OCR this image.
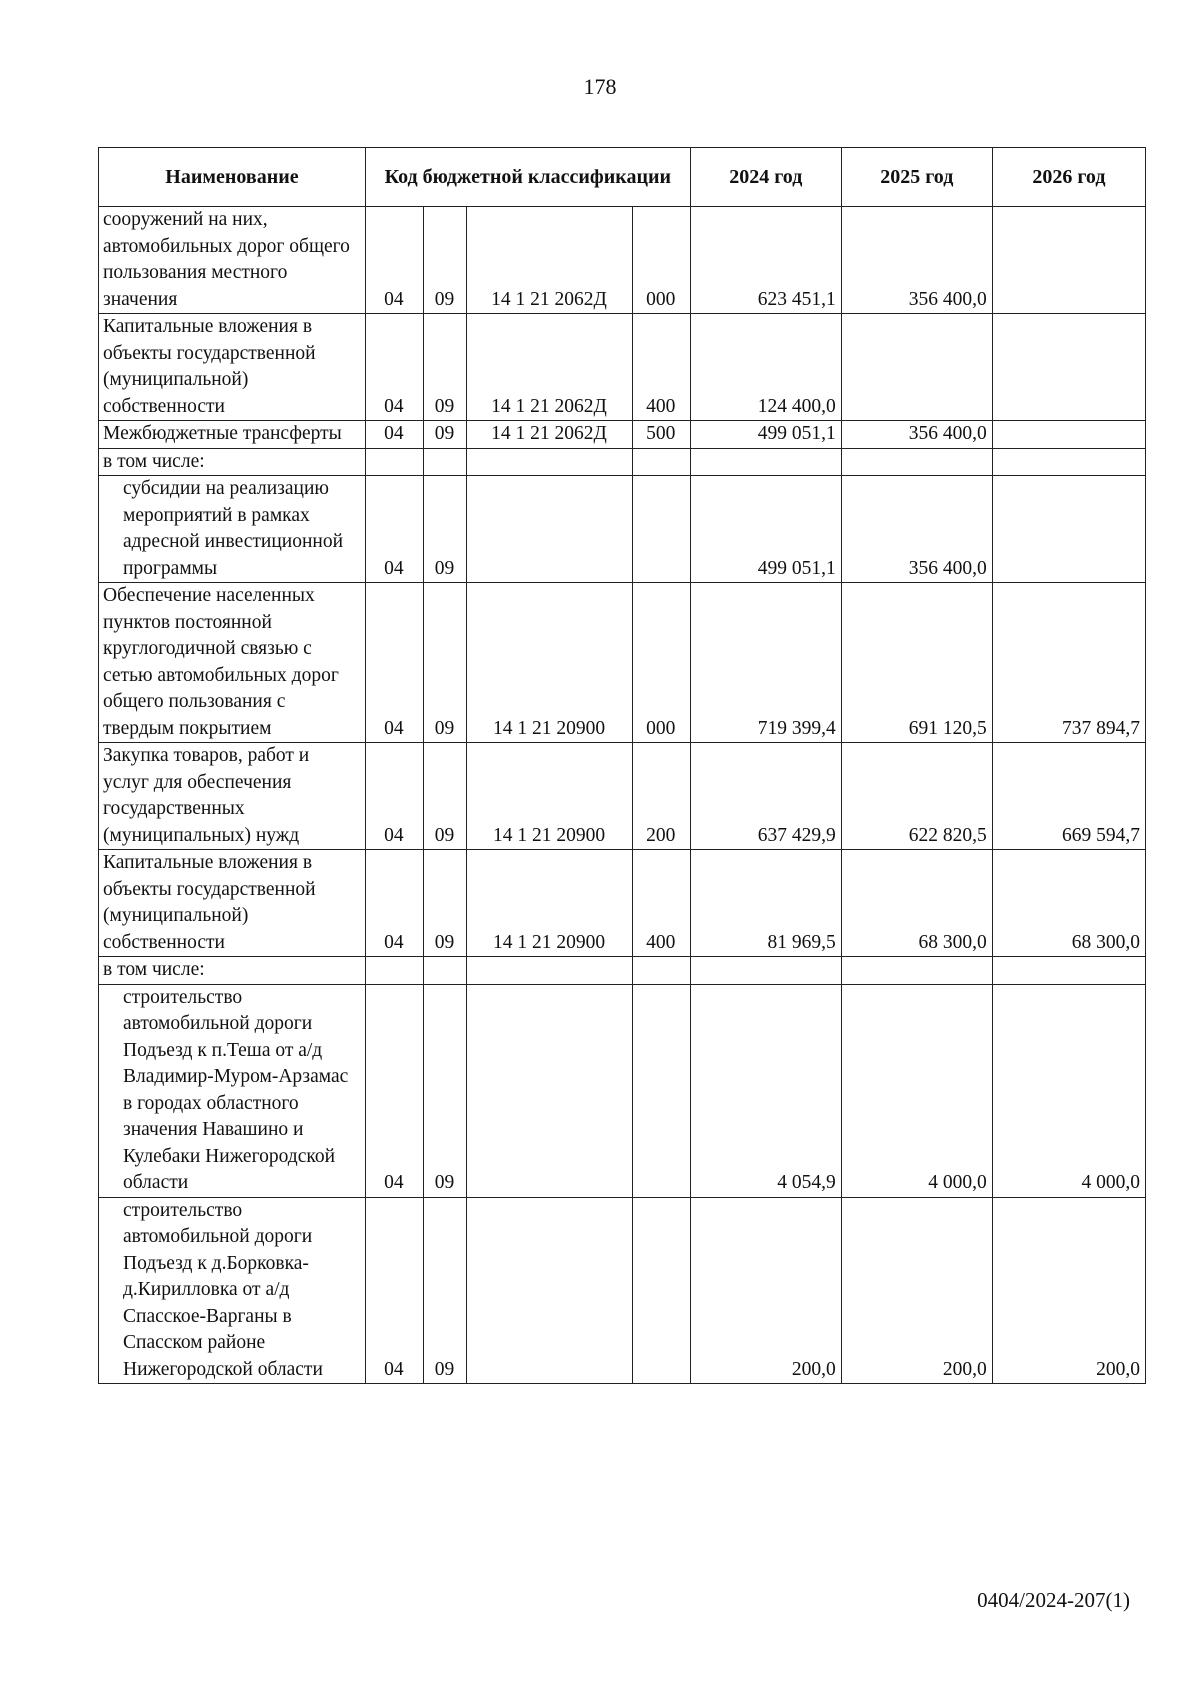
178
Наименование	Код бюджетной классификации				2024 год	2025 год	2026 год
сооружений на них, автомобильных дорог общего пользования местного значения	04	09	14 1 21 2062Д	000	623 451,1	356 400,0	
Капитальные вложения в объекты государственной (муниципальной) собственности	04	09	14 1 21 2062Д	400	124 400,0		
Межбюджетные трансферты	04	09	14 1 21 2062Д	500	499 051,1	356 400,0	
в том числе:							
субсидии на реализацию мероприятий в рамках адресной инвестиционной программы	04	09			499 051,1	356 400,0	
Обеспечение населенных пунктов постоянной круглогодичной связью с сетью автомобильных дорог общего пользования с твердым покрытием	04	09	14 1 21 20900	000	719 399,4	691 120,5	737 894,7
Закупка товаров, работ и услуг для обеспечения государственных (муниципальных) нужд	04	09	14 1 21 20900	200	637 429,9	622 820,5	669 594,7
Капитальные вложения в объекты государственной (муниципальной) собственности	04	09	14 1 21 20900	400	81 969,5	68 300,0	68 300,0
в том числе:							
строительство автомобильной дороги Подъезд к п.Теша от а/д Владимир-Муром-Арзамас в городах областного значения Навашино и Кулебаки Нижегородской области	04	09			4 054,9	4 000,0	4 000,0
строительство автомобильной дороги Подъезд к д.Борковка-д.Кирилловка от а/д Спасское-Варганы в Спасском районе Нижегородской области	04	09			200,0	200,0	200,0
0404/2024-207(1)
